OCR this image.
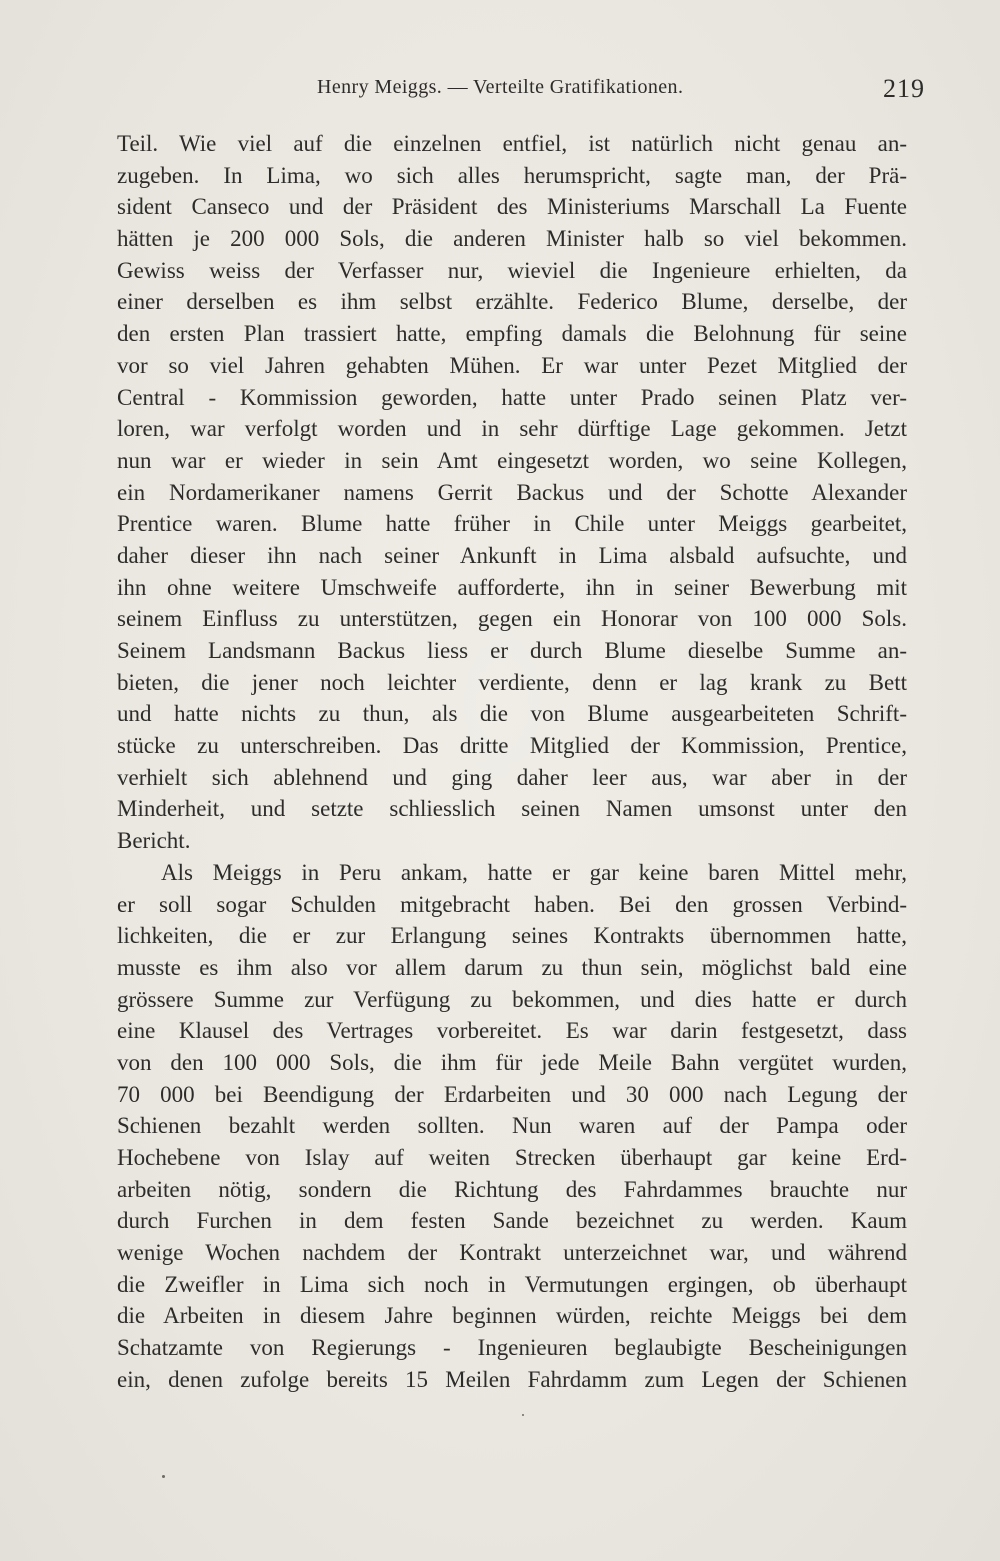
Henry Meiggs. — Verteilte Gratifikationen.	219
Teil. Wie viel auf die einzelnen entfiel, ist natürlich nicht genau an-
zugeben. In Lima, wo sich alles herumspricht, sagte man, der Prä-
sident Canseco und der Präsident des Ministeriums Marschall La Fuente
hätten je 200 000 Sols, die anderen Minister halb so viel bekommen.
Gewiss weiss der Verfasser nur, wieviel die Ingenieure erhielten, da
einer derselben es ihm selbst erzählte. Federico Blume, derselbe, der
den ersten Plan trassiert hatte, empfing damals die Belohnung für seine
vor so viel Jahren gehabten Mühen. Er war unter Pezet Mitglied der
Central - Kommission geworden, hatte unter Prado seinen Platz ver-
loren, war verfolgt worden und in sehr dürftige Lage gekommen. Jetzt
nun war er wieder in sein Amt eingesetzt worden, wo seine Kollegen,
ein Nordamerikaner namens Gerrit Backus und der Schotte Alexander
Prentice waren. Blume hatte früher in Chile unter Meiggs gearbeitet,
daher dieser ihn nach seiner Ankunft in Lima alsbald aufsuchte, und
ihn ohne weitere Umschweife aufforderte, ihn in seiner Bewerbung mit
seinem Einfluss zu unterstützen, gegen ein Honorar von 100 000 Sols.
Seinem Landsmann Backus liess er durch Blume dieselbe Summe an-
bieten, die jener noch leichter verdiente, denn er lag krank zu Bett
und hatte nichts zu thun, als die von Blume ausgearbeiteten Schrift-
stücke zu unterschreiben. Das dritte Mitglied der Kommission, Prentice,
verhielt sich ablehnend und ging daher leer aus, war aber in der
Minderheit, und setzte schliesslich seinen Namen umsonst unter den
Bericht.
Als Meiggs in Peru ankam, hatte er gar keine baren Mittel mehr,
er soll sogar Schulden mitgebracht haben. Bei den grossen Verbind-
lichkeiten, die er zur Erlangung seines Kontrakts übernommen hatte,
musste es ihm also vor allem darum zu thun sein, möglichst bald eine
grössere Summe zur Verfügung zu bekommen, und dies hatte er durch
eine Klausel des Vertrages vorbereitet. Es war darin festgesetzt, dass
von den 100 000 Sols, die ihm für jede Meile Bahn vergütet wurden,
70 000 bei Beendigung der Erdarbeiten und 30 000 nach Legung der
Schienen bezahlt werden sollten. Nun waren auf der Pampa oder
Hochebene von Islay auf weiten Strecken überhaupt gar keine Erd-
arbeiten nötig, sondern die Richtung des Fahrdammes brauchte nur
durch Furchen in dem festen Sande bezeichnet zu werden. Kaum
wenige Wochen nachdem der Kontrakt unterzeichnet war, und während
die Zweifler in Lima sich noch in Vermutungen ergingen, ob überhaupt
die Arbeiten in diesem Jahre beginnen würden, reichte Meiggs bei dem
Schatzamte von Regierungs - Ingenieuren beglaubigte Bescheinigungen
ein, denen zufolge bereits 15 Meilen Fahrdamm zum Legen der Schienen
